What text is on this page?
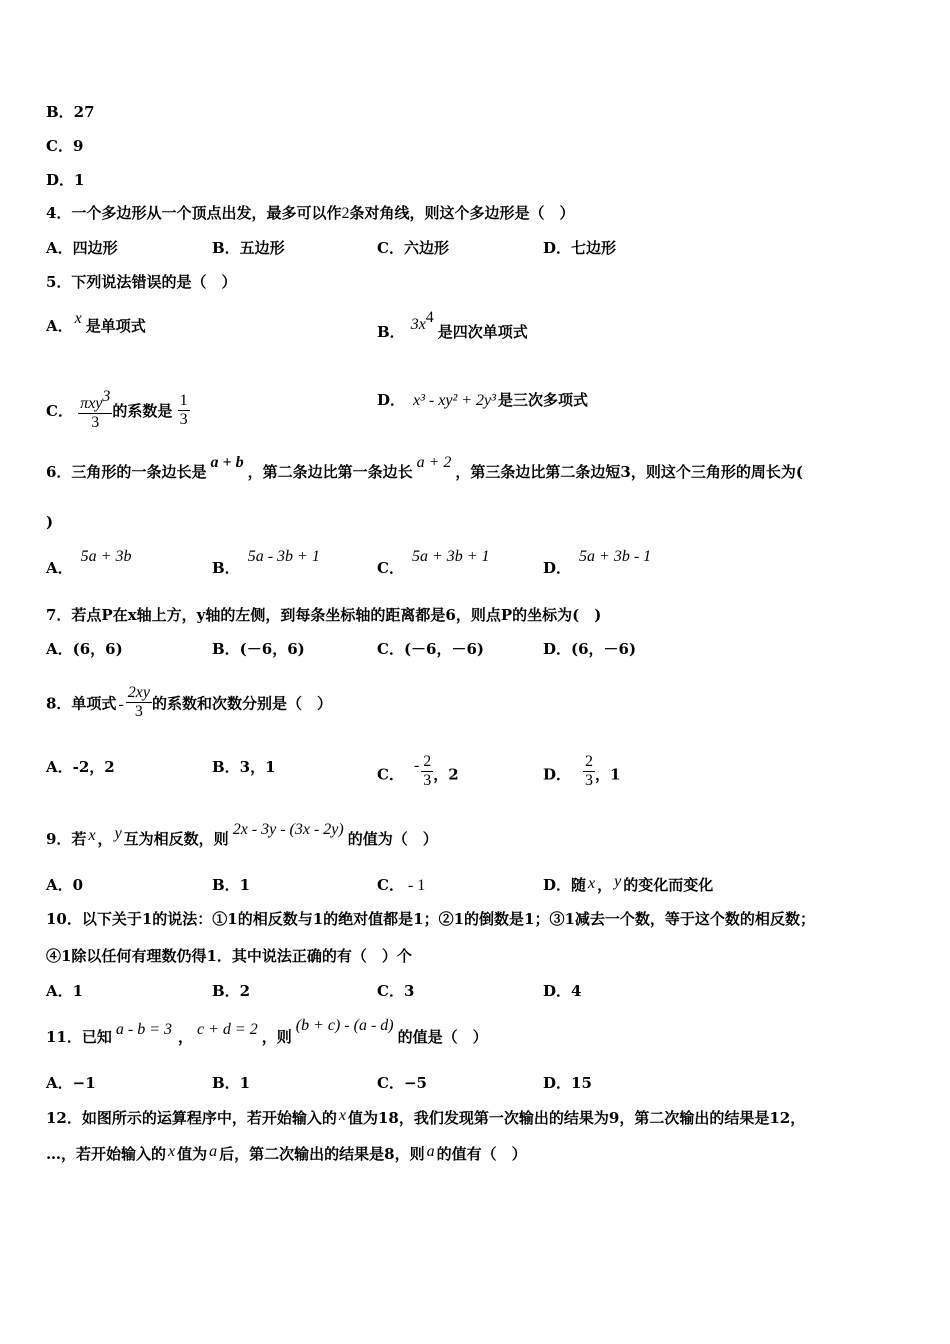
B．27
C．9
D．1
4．一个多边形从一个顶点出发，最多可以作2条对角线，则这个多边形是（　）
A．四边形	B．五边形	C．六边形	D．七边形
5．下列说法错误的是（　）
A． x 是单项式	B． $3x^4$是四次单项式
C． $\frac{\pi xy^3}{3}$ 的系数是 $\frac{1}{3}$	D． x³ - xy² + 2y³ 是三次多项式
6．三角形的一条边长是a + b，第二条边比第一条边长a + 2，第三条边比第二条边短3，则这个三角形的周长为(
)
A．5a + 3b
B．5a - 3b + 1
C．5a + 3b + 1
D．5a + 3b - 1
7．若点P在x轴上方，y轴的左侧，到每条坐标轴的距离都是6，则点P的坐标为(　)
A．(6，6)	B．(－6，6)	C．(－6，－6)	D．(6，－6)
8．单项式 - $\frac{2xy}{3}$ 的系数和次数分别是（　）
A．-2，2	B．3，1	C．- $\frac{2}{3}$ ，2	D． $\frac{2}{3}$ ，1
9．若 x ， y 互为相反数，则2x - 3y - (3x - 2y)的值为（　）
A．0	B．1	C． - 1	D．随 x ， y 的变化而变化
10．以下关于1的说法：①1的相反数与1的绝对值都是1；②1的倒数是1；③1减去一个数，等于这个数的相反数；
④1除以任何有理数仍得1．其中说法正确的有（　）个
A．1	B．2	C．3	D．4
11．已知 a - b = 3 ， c + d = 2 ，则(b + c) - (a - d)的值是（　）
A．−1	B．1	C．−5	D．15
12．如图所示的运算程序中，若开始输入的 x 值为18，我们发现第一次输出的结果为9，第二次输出的结果是12，
…，若开始输入的 x 值为 a 后，第二次输出的结果是8，则 a 的值有（　）
